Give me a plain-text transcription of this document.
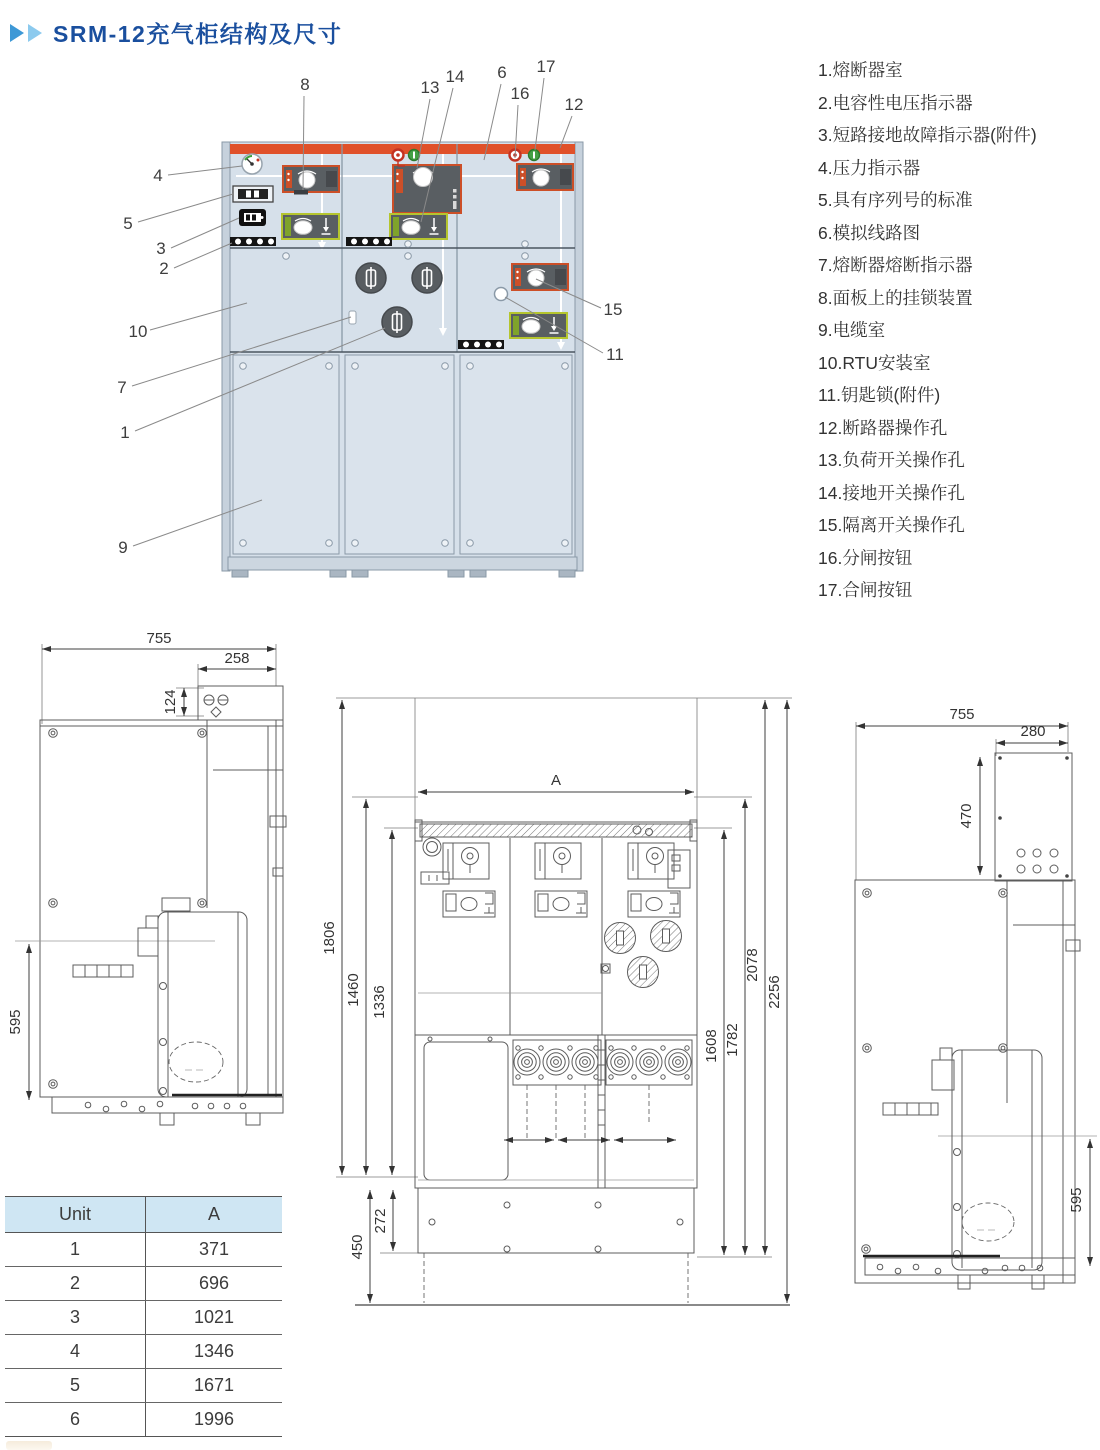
SRM-12充气柜结构及尺寸
1.熔断器室
2.电容性电压指示器
3.短路接地故障指示器(附件)
4.压力指示器
5.具有序列号的标准
6.模拟线路图
7.熔断器熔断指示器
8.面板上的挂锁装置
9.电缆室
10.RTU安装室
11.钥匙锁(附件)
12.断路器操作孔
13.负荷开关操作孔
14.接地开关操作孔
15.隔离开关操作孔
16.分闸按钮
17.合闸按钮
8	13
14 6
16
17
12
4
5
3
2
10
7
1
9
15
11
755
258
124
595
A
1806
1460 1336
450
272
1608 1782
2078
2256
755
280
470
595
Unit	A
1	371
2	696
3	1021
4	1346
5	1671
6	1996
